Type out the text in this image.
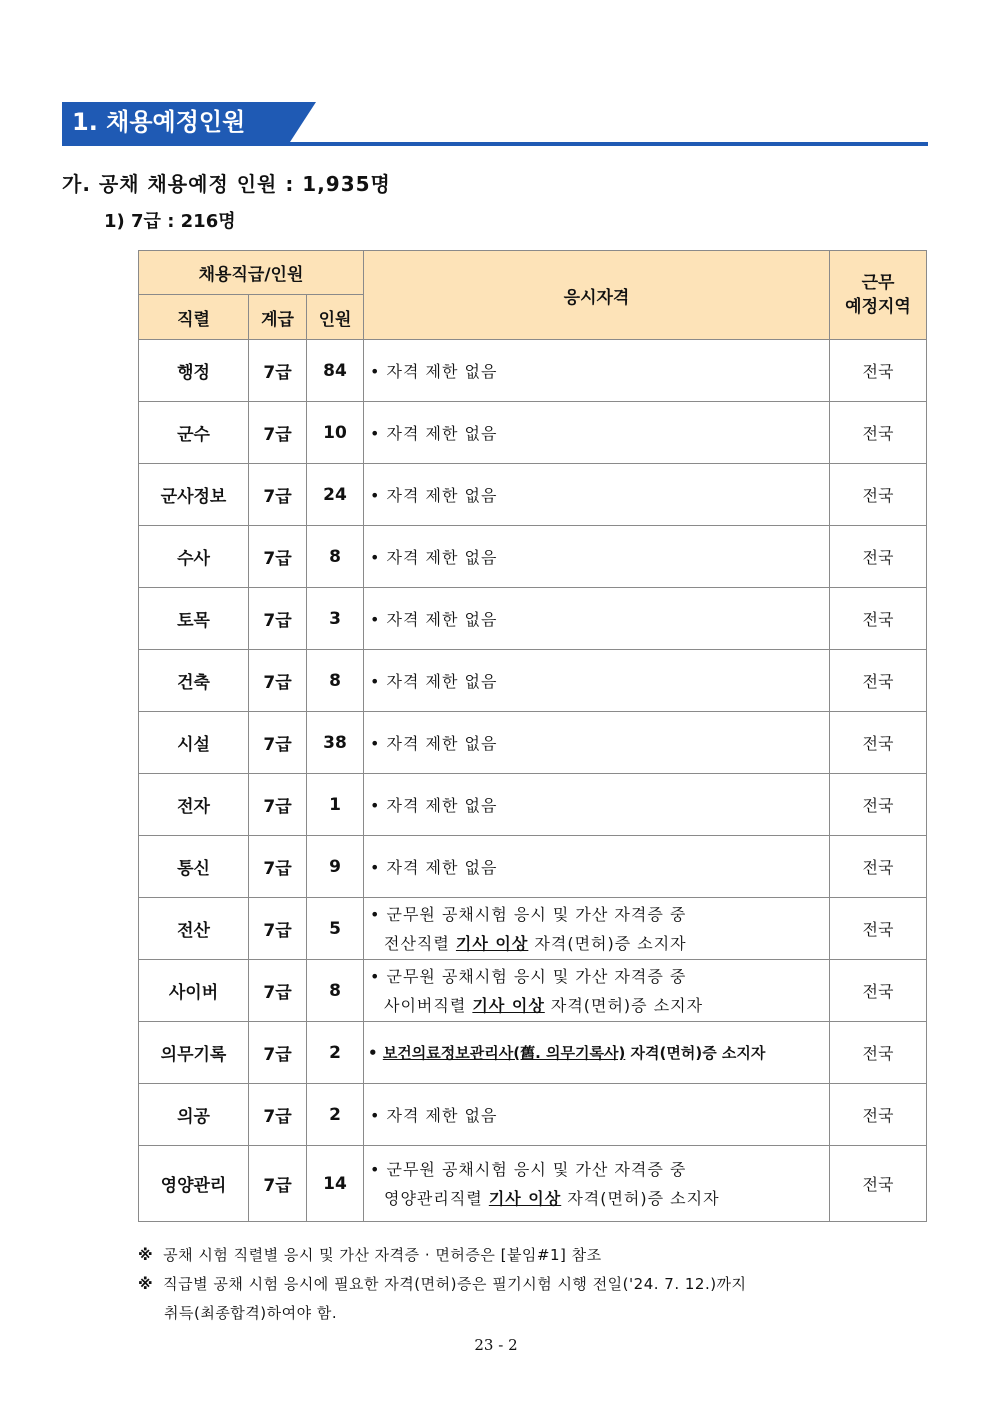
1. 채용예정인원
가. 공채 채용예정 인원 : 1,935명
1) 7급 : 216명
채용직급/인원			응시자격	근무
예정지역
직렬	계급	인원		
행정	7급	84	• 자격 제한 없음	전국
군수	7급	10	• 자격 제한 없음	전국
군사정보	7급	24	• 자격 제한 없음	전국
수사	7급	8	• 자격 제한 없음	전국
토목	7급	3	• 자격 제한 없음	전국
건축	7급	8	• 자격 제한 없음	전국
시설	7급	38	• 자격 제한 없음	전국
전자	7급	1	• 자격 제한 없음	전국
통신	7급	9	• 자격 제한 없음	전국
전산	7급	5	• 군무원 공채시험 응시 및 가산 자격증 중
전산직렬 기사 이상 자격(면허)증 소지자	전국
사이버	7급	8	• 군무원 공채시험 응시 및 가산 자격증 중
사이버직렬 기사 이상 자격(면허)증 소지자	전국
의무기록	7급	2	• 보건의료정보관리사(舊. 의무기록사) 자격(면허)증 소지자	전국
의공	7급	2	• 자격 제한 없음	전국
영양관리	7급	14	• 군무원 공채시험 응시 및 가산 자격증 중
영양관리직렬 기사 이상 자격(면허)증 소지자	전국
※ 공채 시험 직렬별 응시 및 가산 자격증 · 면허증은 [붙임#1] 참조
※ 직급별 공채 시험 응시에 필요한 자격(면허)증은 필기시험 시행 전일('24. 7. 12.)까지
취득(최종합격)하여야 함.
23 - 2
